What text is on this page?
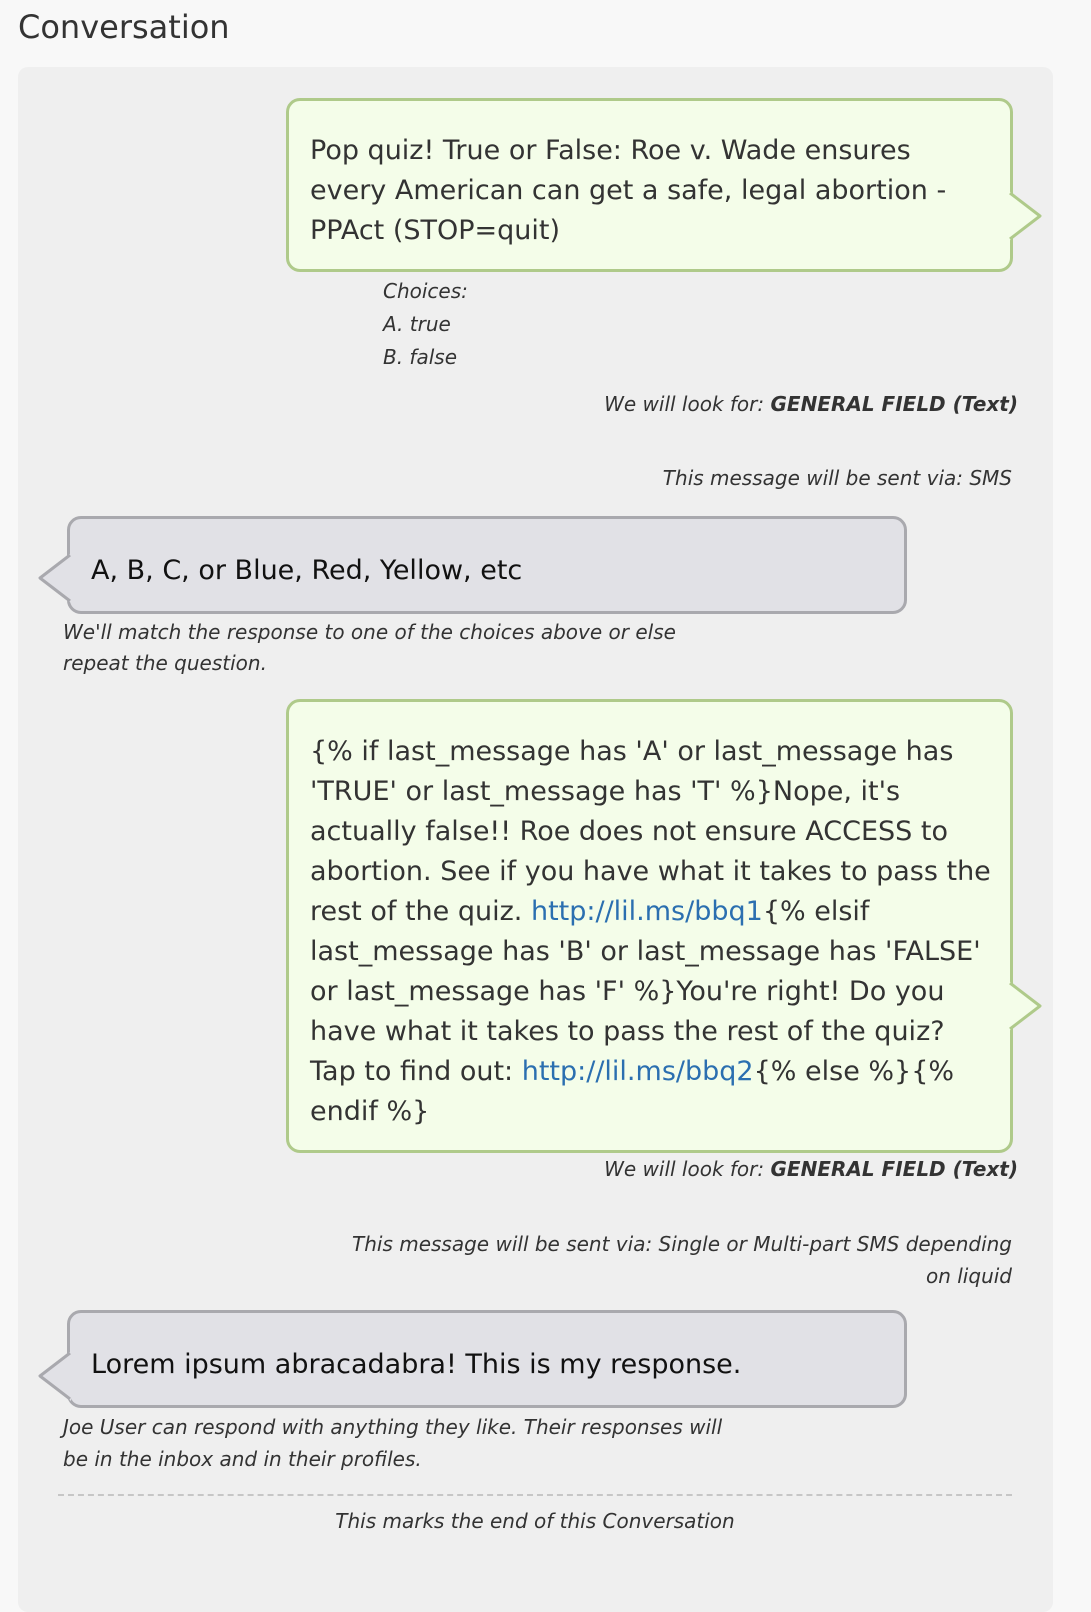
Conversation
Pop quiz! True or False: Roe v. Wade ensures every American can get a safe, legal abortion -PPAct (STOP=quit)
Choices:
A. true
B. false
We will look for: GENERAL FIELD (Text)
This message will be sent via: SMS
A, B, C, or Blue, Red, Yellow, etc
We'll match the response to one of the choices above or else repeat the question.
{% if last_message has 'A' or last_message has 'TRUE' or last_message has 'T' %}Nope, it's actually false!! Roe does not ensure ACCESS to abortion. See if you have what it takes to pass the rest of the quiz. http://lil.ms/bbq1{% elsif last_message has 'B' or last_message has 'FALSE' or last_message has 'F' %}You're right! Do you have what it takes to pass the rest of the quiz? Tap to find out: http://lil.ms/bbq2{% else %}{% endif %}
We will look for: GENERAL FIELD (Text)
This message will be sent via: Single or Multi-part SMS depending on liquid
Lorem ipsum abracadabra! This is my response.
Joe User can respond with anything they like. Their responses will be in the inbox and in their profiles.
This marks the end of this Conversation
